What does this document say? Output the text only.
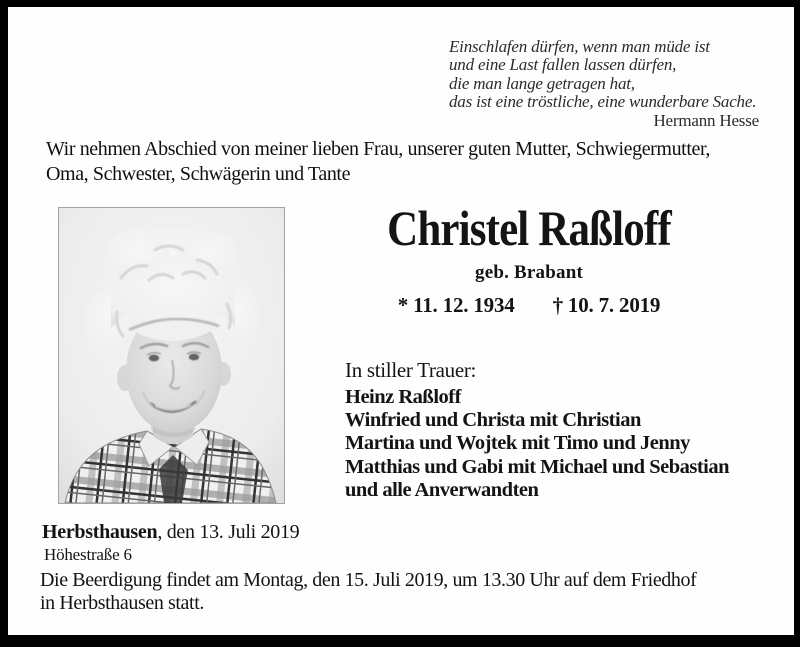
Einschlafen dürfen, wenn man müde ist
und eine Last fallen lassen dürfen,
die man lange getragen hat,
das ist eine tröstliche, eine wunderbare Sache.
Hermann Hesse
Wir nehmen Abschied von meiner lieben Frau, unserer guten Mutter, Schwiegermutter,
Oma, Schwester, Schwägerin und Tante
Christel Raßloff
geb. Brabant
* 11. 12. 1934 † 10. 7. 2019
In stiller Trauer:
Heinz Raßloff
Winfried und Christa mit Christian
Martina und Wojtek mit Timo und Jenny
Matthias und Gabi mit Michael und Sebastian
und alle Anverwandten
Herbsthausen, den 13. Juli 2019
Höhestraße 6
Die Beerdigung findet am Montag, den 15. Juli 2019, um 13.30 Uhr auf dem Friedhof
in Herbsthausen statt.
